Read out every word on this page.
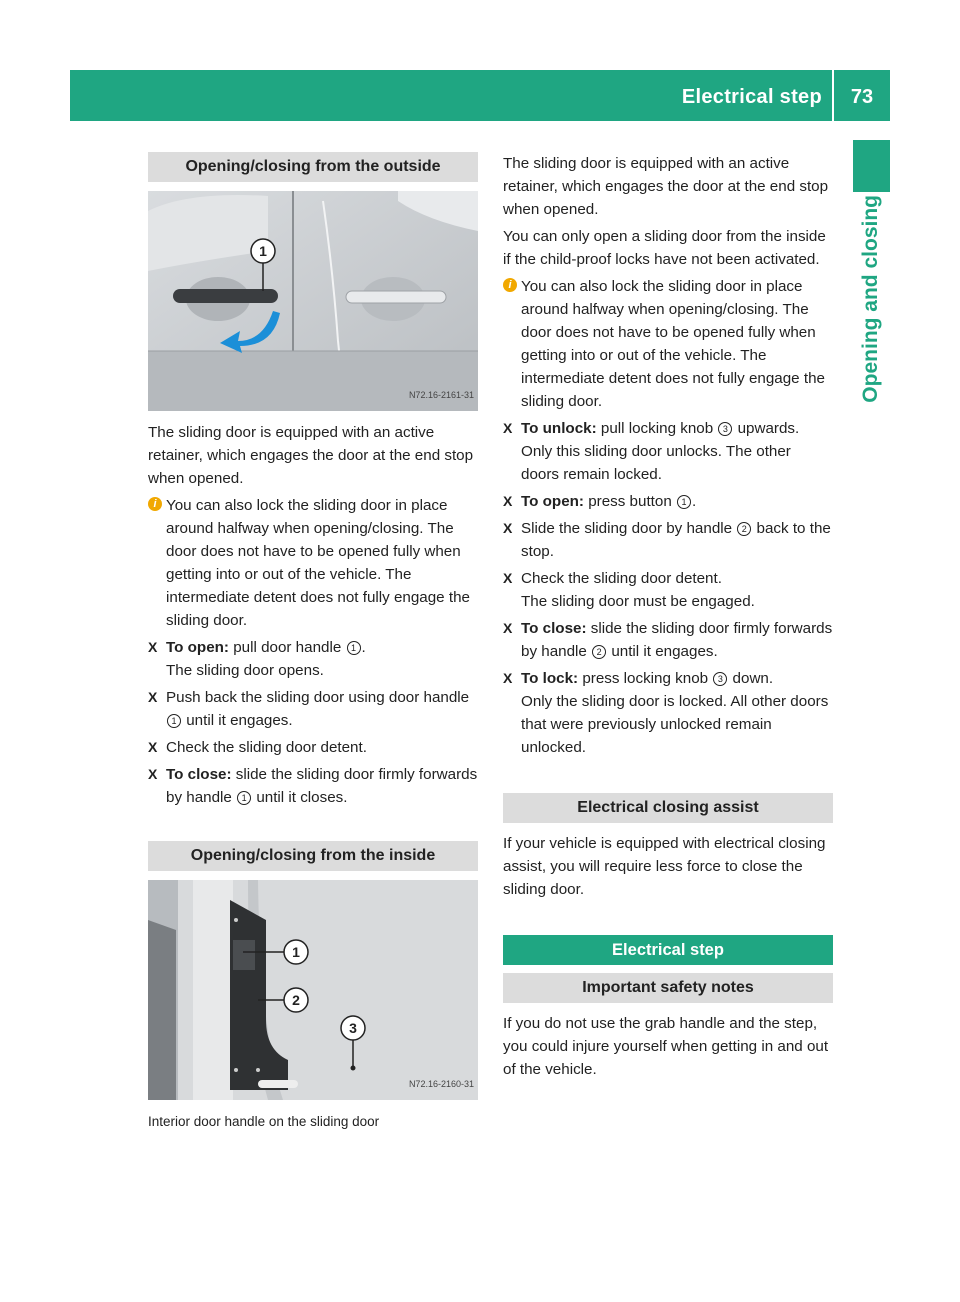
Electrical step	73
Opening and closing
Opening/closing from the outside
1
N72.16-2161-31

The sliding door is equipped with an active retainer, which engages the door at the end stop when opened.

i You can also lock the sliding door in place around halfway when opening/closing. The door does not have to be opened fully when getting into or out of the vehicle. The intermediate detent does not fully engage the sliding door.
X To open: pull door handle 1 .
The sliding door opens.
X Push back the sliding door using door handle 1 until it engages.
X Check the sliding door detent.
X To close: slide the sliding door firmly forwards by handle 1 until it closes.
Opening/closing from the inside
1
2
3
N72.16-2160-31
Interior door handle on the sliding door

The sliding door is equipped with an active retainer, which engages the door at the end stop when opened.

You can only open a sliding door from the inside if the child-proof locks have not been activated.

i You can also lock the sliding door in place around halfway when opening/closing. The door does not have to be opened fully when getting into or out of the vehicle. The intermediate detent does not fully engage the sliding door.
X To unlock: pull locking knob 3 upwards.
Only this sliding door unlocks. The other doors remain locked.
X To open: press button 1 .
X Slide the sliding door by handle 2 back to the stop.
X Check the sliding door detent.
The sliding door must be engaged.
X To close: slide the sliding door firmly forwards by handle 2 until it engages.
X To lock: press locking knob 3 down.
Only the sliding door is locked. All other doors that were previously unlocked remain unlocked.
Electrical closing assist

If your vehicle is equipped with electrical closing assist, you will require less force to close the sliding door.

Electrical step
Important safety notes

If you do not use the grab handle and the step, you could injure yourself when getting in and out of the vehicle.
